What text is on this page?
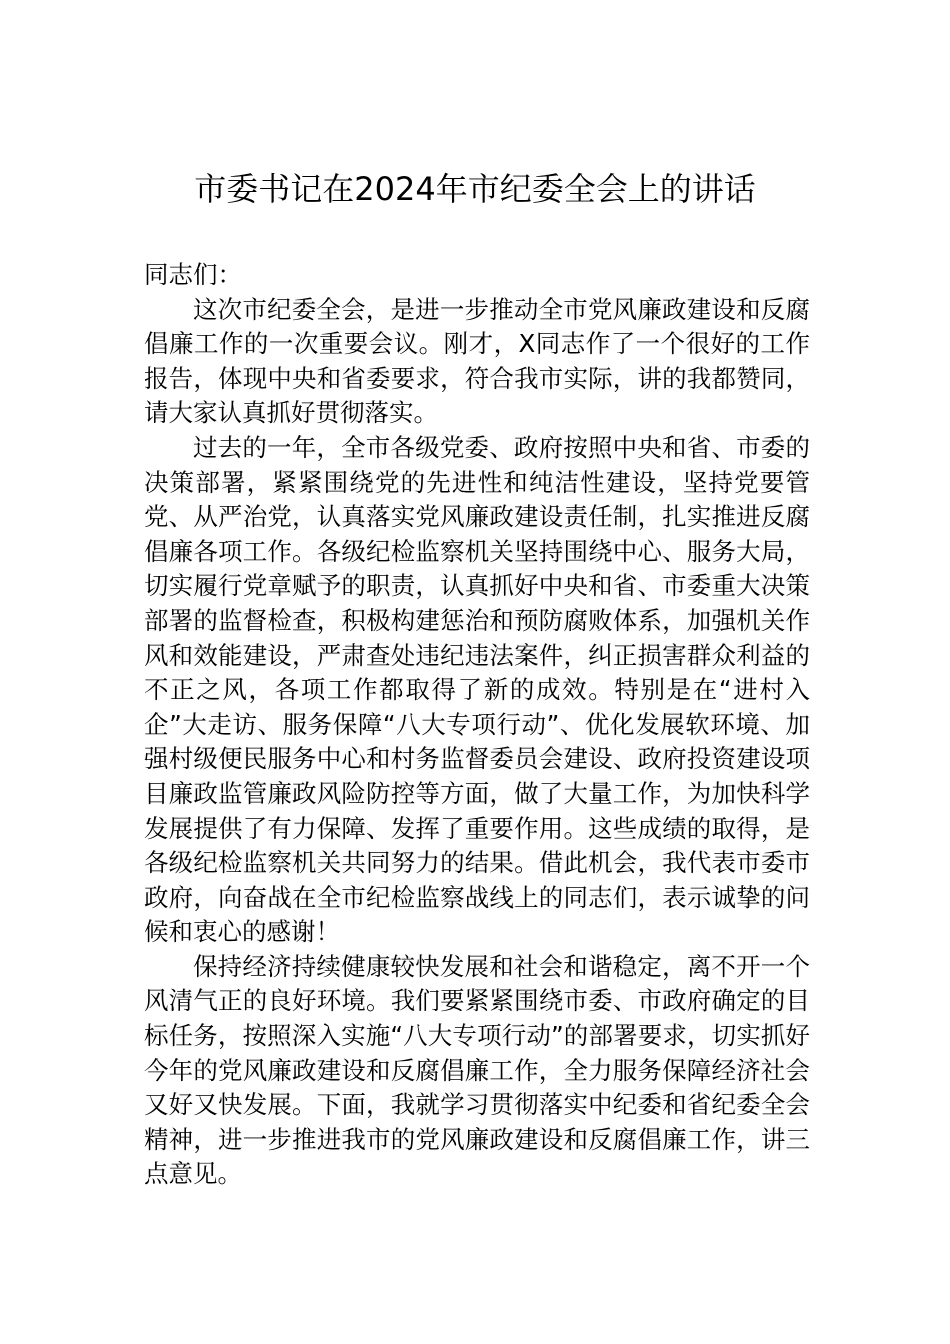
市委书记在2024年市纪委全会上的讲话

同志们：

这次市纪委全会，是进一步推动全市党风廉政建设和反腐倡廉工作的一次重要会议。刚才，X同志作了一个很好的工作报告，体现中央和省委要求，符合我市实际，讲的我都赞同，请大家认真抓好贯彻落实。

过去的一年，全市各级党委、政府按照中央和省、市委的决策部署，紧紧围绕党的先进性和纯洁性建设，坚持党要管党、从严治党，认真落实党风廉政建设责任制，扎实推进反腐倡廉各项工作。各级纪检监察机关坚持围绕中心、服务大局，切实履行党章赋予的职责，认真抓好中央和省、市委重大决策部署的监督检查，积极构建惩治和预防腐败体系，加强机关作风和效能建设，严肃查处违纪违法案件，纠正损害群众利益的不正之风，各项工作都取得了新的成效。特别是在“进村入企”大走访、服务保障“八大专项行动”、优化发展软环境、加强村级便民服务中心和村务监督委员会建设、政府投资建设项目廉政监管廉政风险防控等方面，做了大量工作，为加快科学发展提供了有力保障、发挥了重要作用。这些成绩的取得，是各级纪检监察机关共同努力的结果。借此机会，我代表市委市政府，向奋战在全市纪检监察战线上的同志们，表示诚挚的问候和衷心的感谢！

保持经济持续健康较快发展和社会和谐稳定，离不开一个风清气正的良好环境。我们要紧紧围绕市委、市政府确定的目标任务，按照深入实施“八大专项行动”的部署要求，切实抓好今年的党风廉政建设和反腐倡廉工作，全力服务保障经济社会又好又快发展。下面，我就学习贯彻落实中纪委和省纪委全会精神，进一步推进我市的党风廉政建设和反腐倡廉工作，讲三点意见。
